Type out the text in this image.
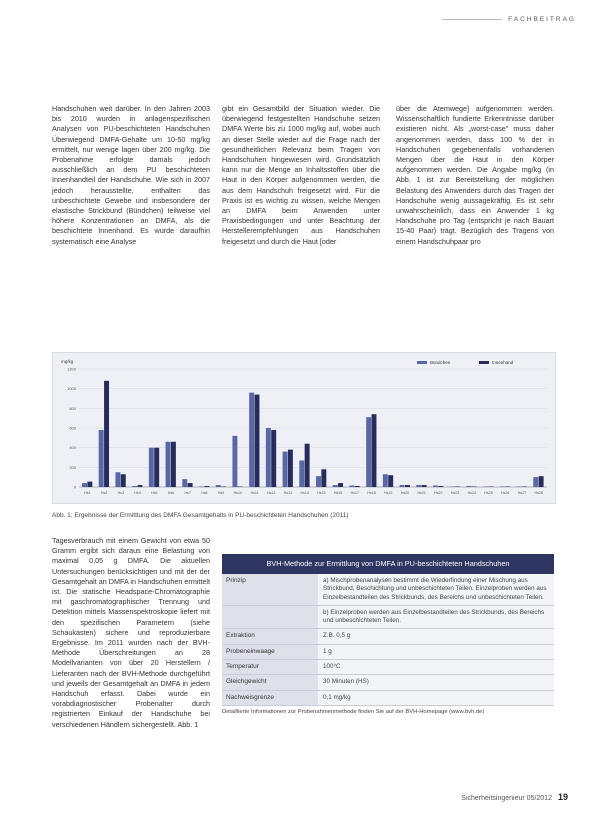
FACHBEITRAG

Handschuhen weit darüber. In den Jahren 2003 bis 2010 wurden in anlagenspezifischen Analysen von PU-beschichteten Handschuhen Überwiegend DMFA-Gehalte um 10-50 mg/kg ermittelt, nur wenige lagen über 200 mg/kg. Die Probenahme erfolgte damals jedoch ausschließlich an dem PU beschichteten Innenhandteil der Handschuhe. Wie sich in 2007 jedoch herausstellte, enthalten das unbeschichtete Gewebe und insbesondere der elastische Strickbund (Bündchen) teilweise viel höhere Konzentrationen an DMFA, als die beschichtete Innenhand. Es wurde daraufhin systematisch eine Analyse

gibt ein Gesamtbild der Situation wieder. Die überwiegend festgestellten Handschuhe setzen DMFA Werte bis zu 1000 mg/kg auf, wobei auch an dieser Stelle wieder auf die Frage nach der gesundheitlichen Relevanz beim Tragen von Handschuhen hingewiesen wird. Grundsätzlich kann nur die Menge an Inhaltsstoffen über die Haut in den Körper aufgenommen werden, die aus dem Handschuh freigesetzt wird. Für die Praxis ist es wichtig zu wissen, welche Mengen an DMFA beim Anwenden unter Praxisbedingungen und unter Beachtung der Herstellerempfehlungen aus Handschuhen freigesetzt und durch die Haut [oder

über die Atemwege] aufgenommen werden. Wissenschaftlich fundierte Erkenntnisse darüber existieren nicht. Als „worst-case" muss daher angenommen werden, dass 100 % der in Handschuhen gegebenenfalls vorhandenen Mengen über die Haut in den Körper aufgenommen werden. Die Angabe mg/kg (in Abb. 1 ist zur Bereitstellung der möglichen Belastung des Anwenders durch das Tragen der Handschuhe wenig aussagekräftig. Es ist sehr unwahrscheinlich, dass ein Anwender 1 kg Handschuhe pro Tag (entspricht je nach Bauart 15-40 Paar) trägt. Bezüglich des Tragens von einem Handschuhpaar pro

mg/kg
0
200
400
600
800
1000
1200
Hs1	Hs2	Hs3	Hs4	Hs5	Hs6	Hs7	Hs8	Hs9	Hs10 Hs11 Hs12 Hs13 Hs14 Hs15 Hs16 Hs17 Hs18 Hs19 Hs20 Hs21 Hs22 Hs23 Hs24 Hs25 Hs26 Hs27 Hs28
Bündchen	Innenhand
Abb. 1: Ergebnisse der Ermittlung des DMFA Gesamtgehalts in PU-beschichteten Handschuhen (2011)

Tagesverbrauch mit einem Gewicht von etwa 50 Gramm ergibt sich daraus eine Belastung von maximal 0,05 g DMFA. Die aktuellen Untersuchungen berücksichtigen und mit der der Gesamtgehalt an DMFA in Handschuhen ermittelt ist. Die statische Headspace-Chromatographie mit gaschromatographischer Trennung und Detektion mittels Massenspektroskopie liefert mit den spezifischen Parametern (siehe Schaukasten) sichere und reproduzierbare Ergebnisse. Im 2011 wurden nach der BVH-Methode Überschreitungen an 28 Modellvarianten von über 20 Herstellern / Lieferanten nach der BVH-Methode durchgeführt und jeweils der Gesamtgehalt an DMFA in jedem Handschuh erfasst. Dabei wurde ein vorabdiagnostischer Probenalter durch registrierten Einkauf der Handschuhe bei verschiedenen Händlern sichergestellt. Abb. 1

BVH-Methode zur Ermittlung von DMFA in PU-beschichteten Handschuhen
Prinzip	a) Mischprobenanalysen bestimmt die Wiederfindung einer Mischung aus Strickbund, Beschichtung und unbeschichteten Teilen. Einzelproben werden aus Einzelbestandteilen des Strickbunds, des Bereichs und unbeschichteten Teilen.
b) Einzelproben werden aus Einzelbestandteilen des Strickbunds, des Bereichs und unbeschichteten Teilen.
Extraktion	Z.B. 0,5 g
Probeneinwaage	1 g
Temperatur	100°C
Gleichgewicht	30 Minuten (HS)
Nachweisgrenze	0,1 mg/kg
Detaillierte Informationen zur Probenahmenmethode finden Sie auf der BVH-Homepage (www.bvh.de)
Sicherheitsingenieur 05/2012 19
